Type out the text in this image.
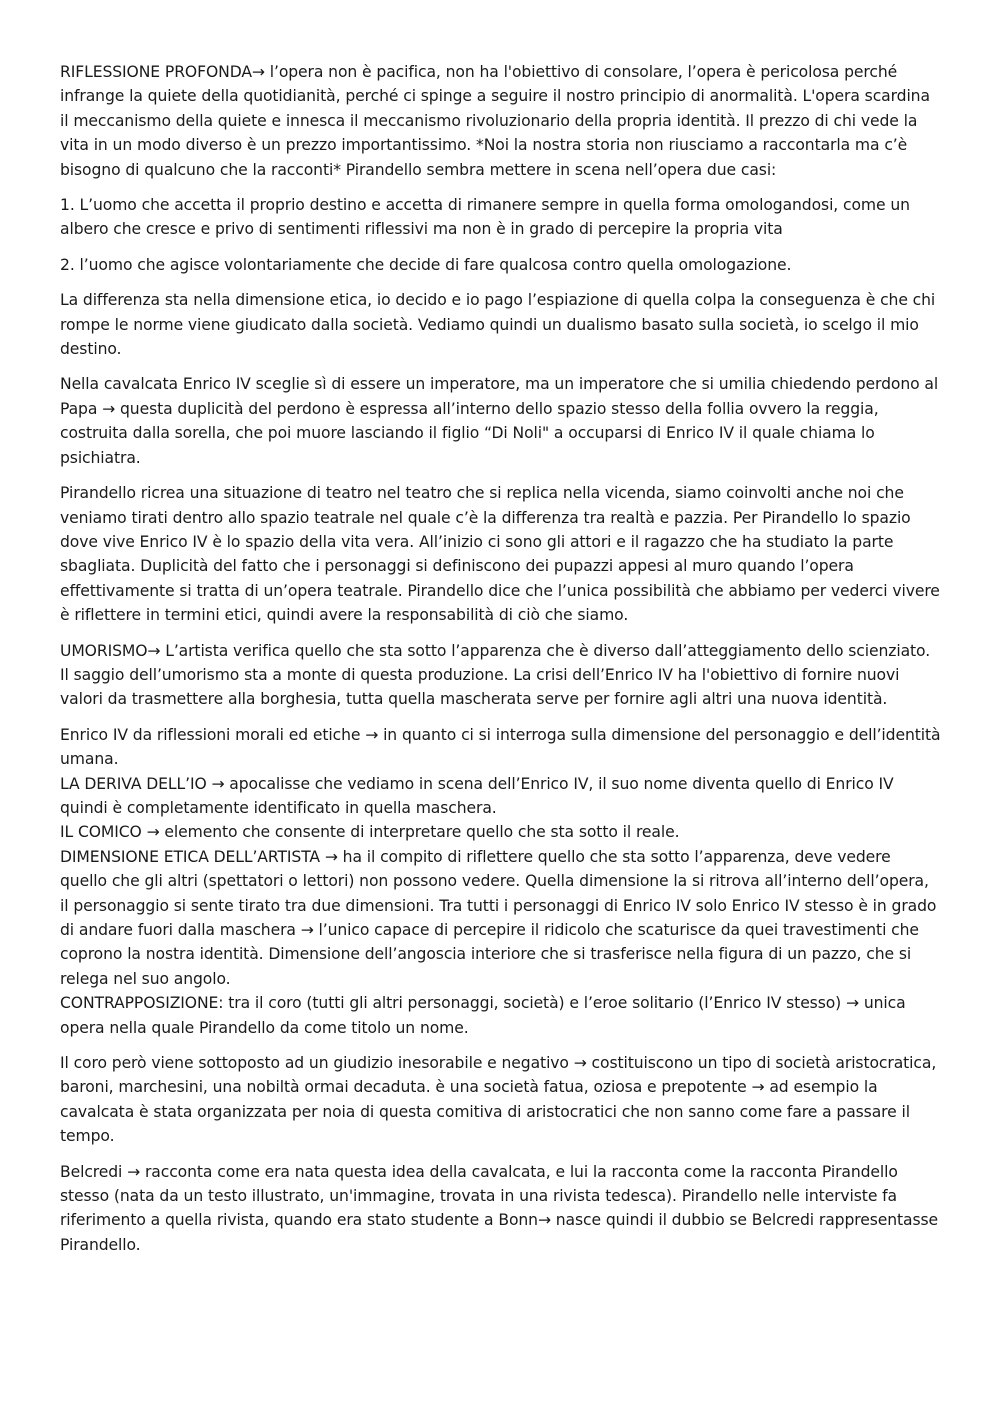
RIFLESSIONE PROFONDA→ l’opera non è pacifica, non ha l'obiettivo di consolare, l’opera è pericolosa perché infrange la quiete della quotidianità, perché ci spinge a seguire il nostro principio di anormalità. L'opera scardina il meccanismo della quiete e innesca il meccanismo rivoluzionario della propria identità. Il prezzo di chi vede la vita in un modo diverso è un prezzo importantissimo. *Noi la nostra storia non riusciamo a raccontarla ma c’è bisogno di qualcuno che la racconti* Pirandello sembra mettere in scena nell’opera due casi:

1. L’uomo che accetta il proprio destino e accetta di rimanere sempre in quella forma omologandosi, come un albero che cresce e privo di sentimenti riflessivi ma non è in grado di percepire la propria vita

2. l’uomo che agisce volontariamente che decide di fare qualcosa contro quella omologazione.

La differenza sta nella dimensione etica, io decido e io pago l’espiazione di quella colpa la conseguenza è che chi rompe le norme viene giudicato dalla società. Vediamo quindi un dualismo basato sulla società, io scelgo il mio destino.

Nella cavalcata Enrico IV sceglie sì di essere un imperatore, ma un imperatore che si umilia chiedendo perdono al Papa → questa duplicità del perdono è espressa all’interno dello spazio stesso della follia ovvero la reggia, costruita dalla sorella, che poi muore lasciando il figlio “Di Noli" a occuparsi di Enrico IV il quale chiama lo psichiatra.

Pirandello ricrea una situazione di teatro nel teatro che si replica nella vicenda, siamo coinvolti anche noi che veniamo tirati dentro allo spazio teatrale nel quale c’è la differenza tra realtà e pazzia. Per Pirandello lo spazio dove vive Enrico IV è lo spazio della vita vera. All’inizio ci sono gli attori e il ragazzo che ha studiato la parte sbagliata. Duplicità del fatto che i personaggi si definiscono dei pupazzi appesi al muro quando l’opera effettivamente si tratta di un’opera teatrale. Pirandello dice che l’unica possibilità che abbiamo per vederci vivere è riflettere in termini etici, quindi avere la responsabilità di ciò che siamo.

UMORISMO→ L’artista verifica quello che sta sotto l’apparenza che è diverso dall’atteggiamento dello scienziato. Il saggio dell’umorismo sta a monte di questa produzione. La crisi dell’Enrico IV ha l'obiettivo di fornire nuovi valori da trasmettere alla borghesia, tutta quella mascherata serve per fornire agli altri una nuova identità.

Enrico IV da riflessioni morali ed etiche → in quanto ci si interroga sulla dimensione del personaggio e dell’identità umana.
LA DERIVA DELL’IO → apocalisse che vediamo in scena dell’Enrico IV, il suo nome diventa quello di Enrico IV quindi è completamente identificato in quella maschera.
IL COMICO → elemento che consente di interpretare quello che sta sotto il reale.
DIMENSIONE ETICA DELL’ARTISTA → ha il compito di riflettere quello che sta sotto l’apparenza, deve vedere quello che gli altri (spettatori o lettori) non possono vedere. Quella dimensione la si ritrova all’interno dell’opera, il personaggio si sente tirato tra due dimensioni. Tra tutti i personaggi di Enrico IV solo Enrico IV stesso è in grado di andare fuori dalla maschera → l’unico capace di percepire il ridicolo che scaturisce da quei travestimenti che coprono la nostra identità. Dimensione dell’angoscia interiore che si trasferisce nella figura di un pazzo, che si relega nel suo angolo.
CONTRAPPOSIZIONE: tra il coro (tutti gli altri personaggi, società) e l’eroe solitario (l’Enrico IV stesso) → unica opera nella quale Pirandello da come titolo un nome.

Il coro però viene sottoposto ad un giudizio inesorabile e negativo → costituiscono un tipo di società aristocratica, baroni, marchesini, una nobiltà ormai decaduta. è una società fatua, oziosa e prepotente → ad esempio la cavalcata è stata organizzata per noia di questa comitiva di aristocratici che non sanno come fare a passare il tempo.

Belcredi → racconta come era nata questa idea della cavalcata, e lui la racconta come la racconta Pirandello stesso (nata da un testo illustrato, un'immagine, trovata in una rivista tedesca). Pirandello nelle interviste fa riferimento a quella rivista, quando era stato studente a Bonn→ nasce quindi il dubbio se Belcredi rappresentasse Pirandello.
